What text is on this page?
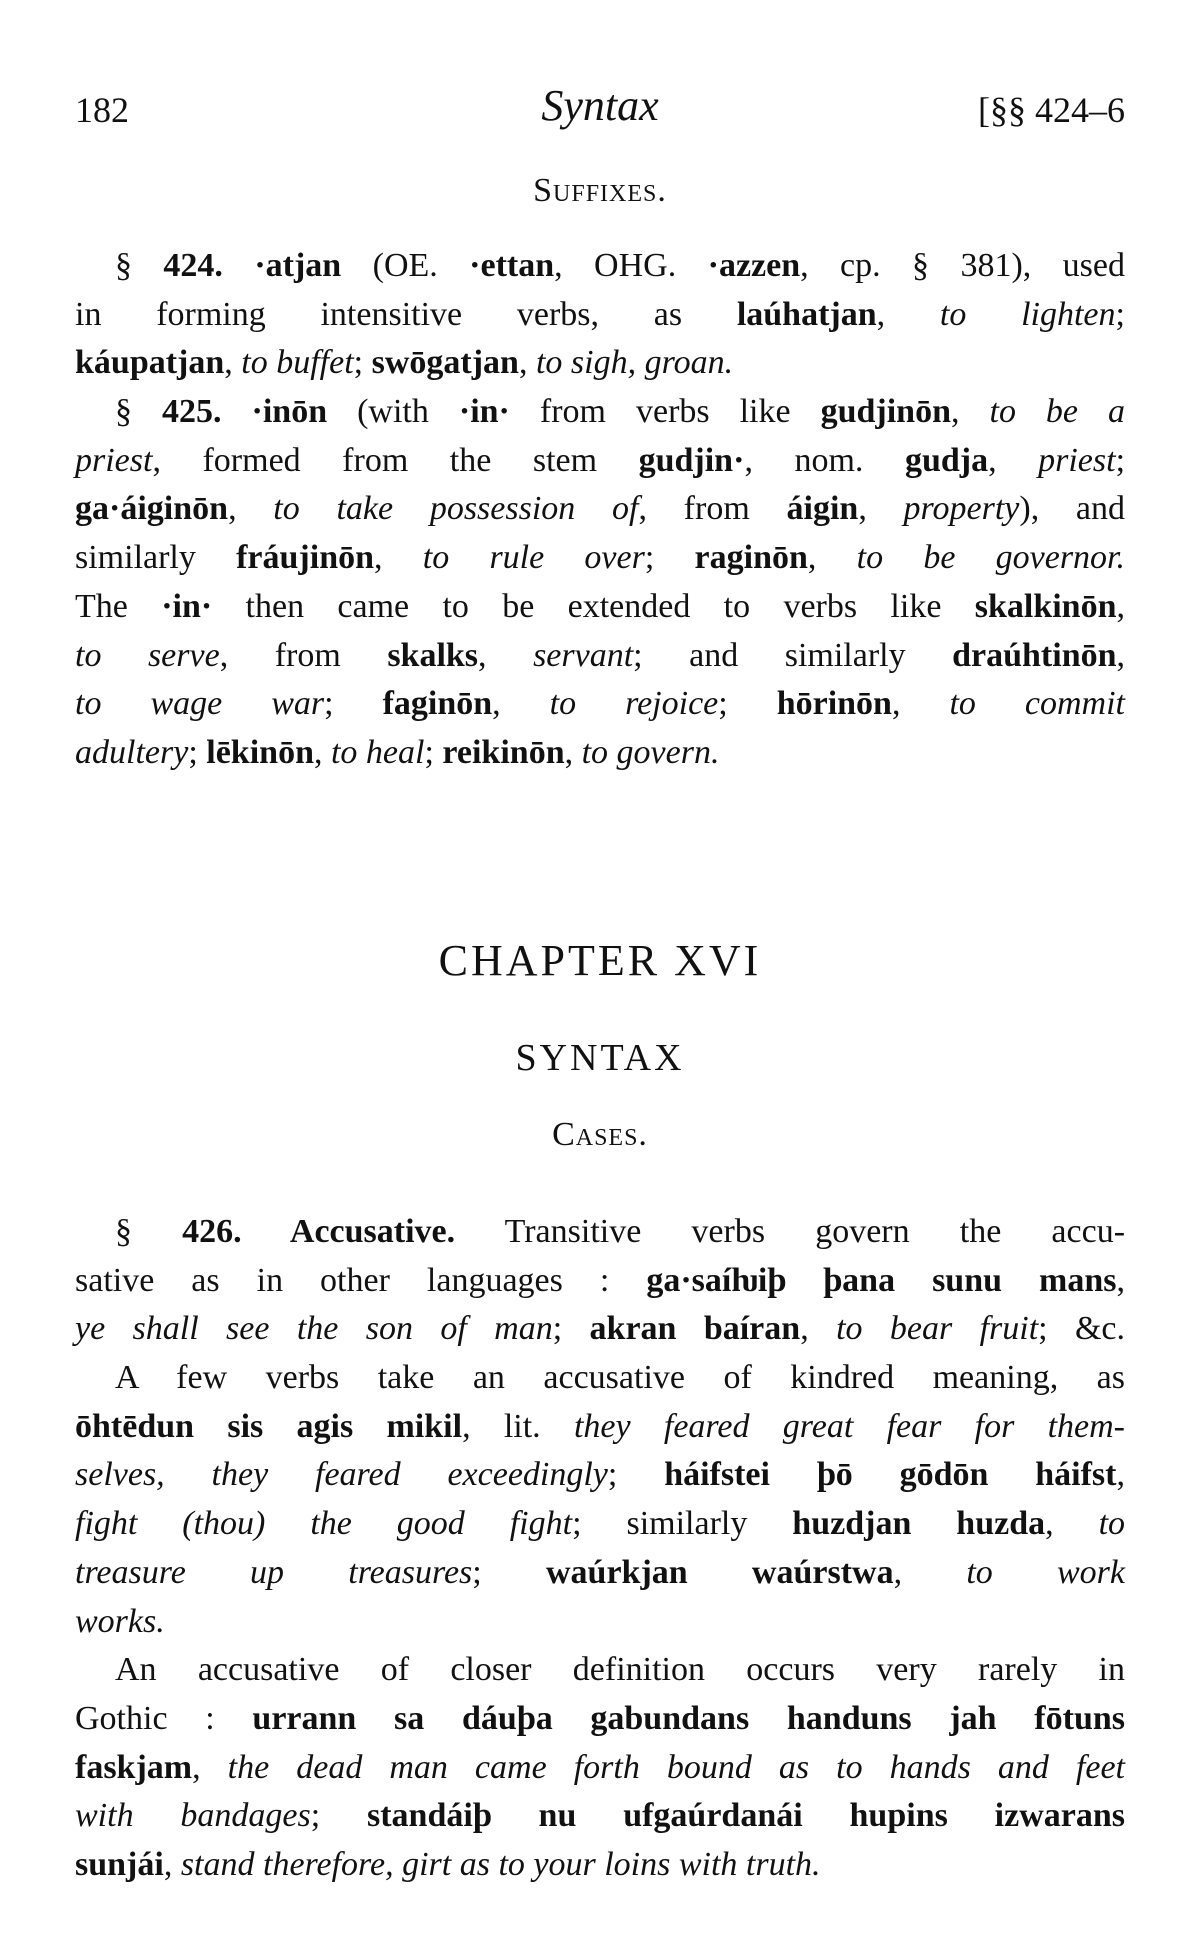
182	Syntax	[§§ 424–6
Suffixes.
CHAPTER XVI
SYNTAX
Cases.
§ 424. ·atjan (OE. ·ettan, OHG. ·azzen, cp. § 381), used
in forming intensitive verbs, as laúhatjan, to lighten;
káupatjan, to buffet; swōgatjan, to sigh, groan.
§ 425. ·inōn (with ·in· from verbs like gudjinōn, to be a
priest, formed from the stem gudjin·, nom. gudja, priest;
ga·áiginōn, to take possession of, from áigin, property), and
similarly fráujinōn, to rule over; raginōn, to be governor.
The ·in· then came to be extended to verbs like skalkinōn,
to serve, from skalks, servant; and similarly draúhtinōn,
to wage war; faginōn, to rejoice; hōrinōn, to commit
adultery; lēkinōn, to heal; reikinōn, to govern.
§ 426. Accusative. Transitive verbs govern the accu-
sative as in other languages : ga·saíƕiþ þana sunu mans,
ye shall see the son of man; akran baíran, to bear fruit; &c.
A few verbs take an accusative of kindred meaning, as
ōhtēdun sis agis mikil, lit. they feared great fear for them-
selves, they feared exceedingly; háifstei þō gōdōn háifst,
fight (thou) the good fight; similarly huzdjan huzda, to
treasure up treasures; waúrkjan waúrstwa, to work
works.
An accusative of closer definition occurs very rarely in
Gothic : urrann sa dáuþa gabundans handuns jah fōtuns
faskjam, the dead man came forth bound as to hands and feet
with bandages; standáiþ nu ufgaúrdanái hupins izwarans
sunjái, stand therefore, girt as to your loins with truth.
